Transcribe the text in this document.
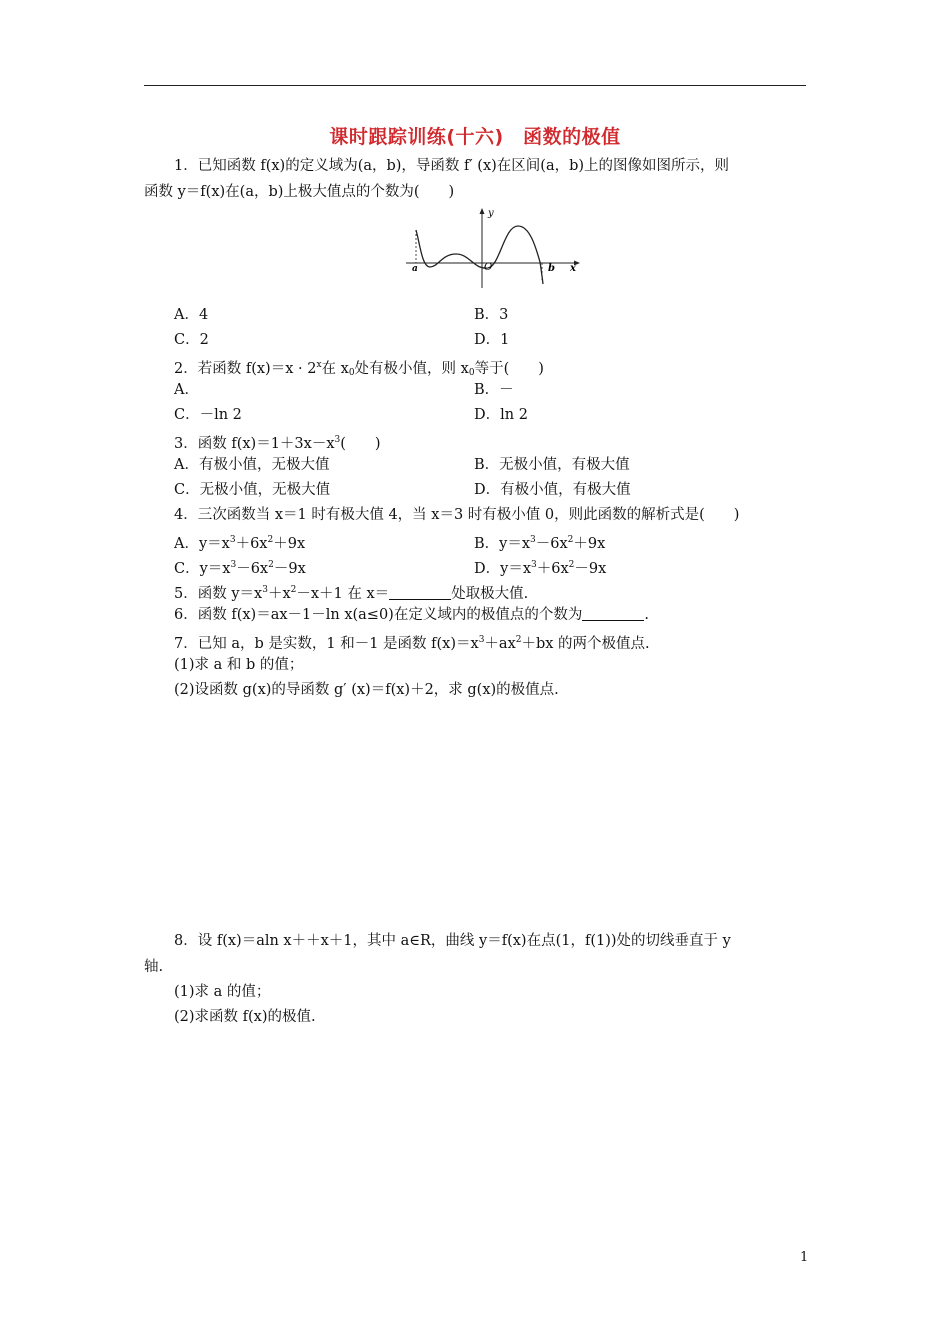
课时跟踪训练(十六)　函数的极值
1．已知函数 f(x)的定义域为(a，b)，导函数 f′ (x)在区间(a，b)上的图像如图所示，则
函数 y＝f(x)在(a，b)上极大值点的个数为(　　)
y
a	O	b x
A．4	B．3
C．2	D．1
2．若函数 $f(x)=x \cdot 2^x$在 $x_0$处有极小值，则 $x_0$等于(　　)
A．	B．－
C．－ln 2	D．ln 2
3．函数 $f(x)=1+3x-x^3$(　　)
A．有极小值，无极大值	B．无极小值，有极大值
C．无极小值，无极大值	D．有极小值，有极大值
4．三次函数当 x＝1 时有极大值 4，当 x＝3 时有极小值 0，则此函数的解析式是(　　)
A．$y=x^3+6x^2+9x$	B．$y=x^3-6x^2+9x$
C．$y=x^3-6x^2-9x$	D．$y=x^3+6x^2-9x$
5．函数 $y=x^3+x^2-x+1$ 在 x＝	处取极大值.
6．函数 f(x)＝ax－1－ln x(a≤0)在定义域内的极值点的个数为	.
7．已知 a，b 是实数，1 和－1 是函数 $f(x)=x^3+ax^2+bx$ 的两个极值点.
(1)求 a 和 b 的值；
(2)设函数 g(x)的导函数 g′ (x)＝f(x)＋2，求 g(x)的极值点.
8．设 f(x)＝aln x＋＋x＋1，其中 a∈R，曲线 y＝f(x)在点(1，f(1))处的切线垂直于 y
轴.
(1)求 a 的值；
(2)求函数 f(x)的极值.
1
